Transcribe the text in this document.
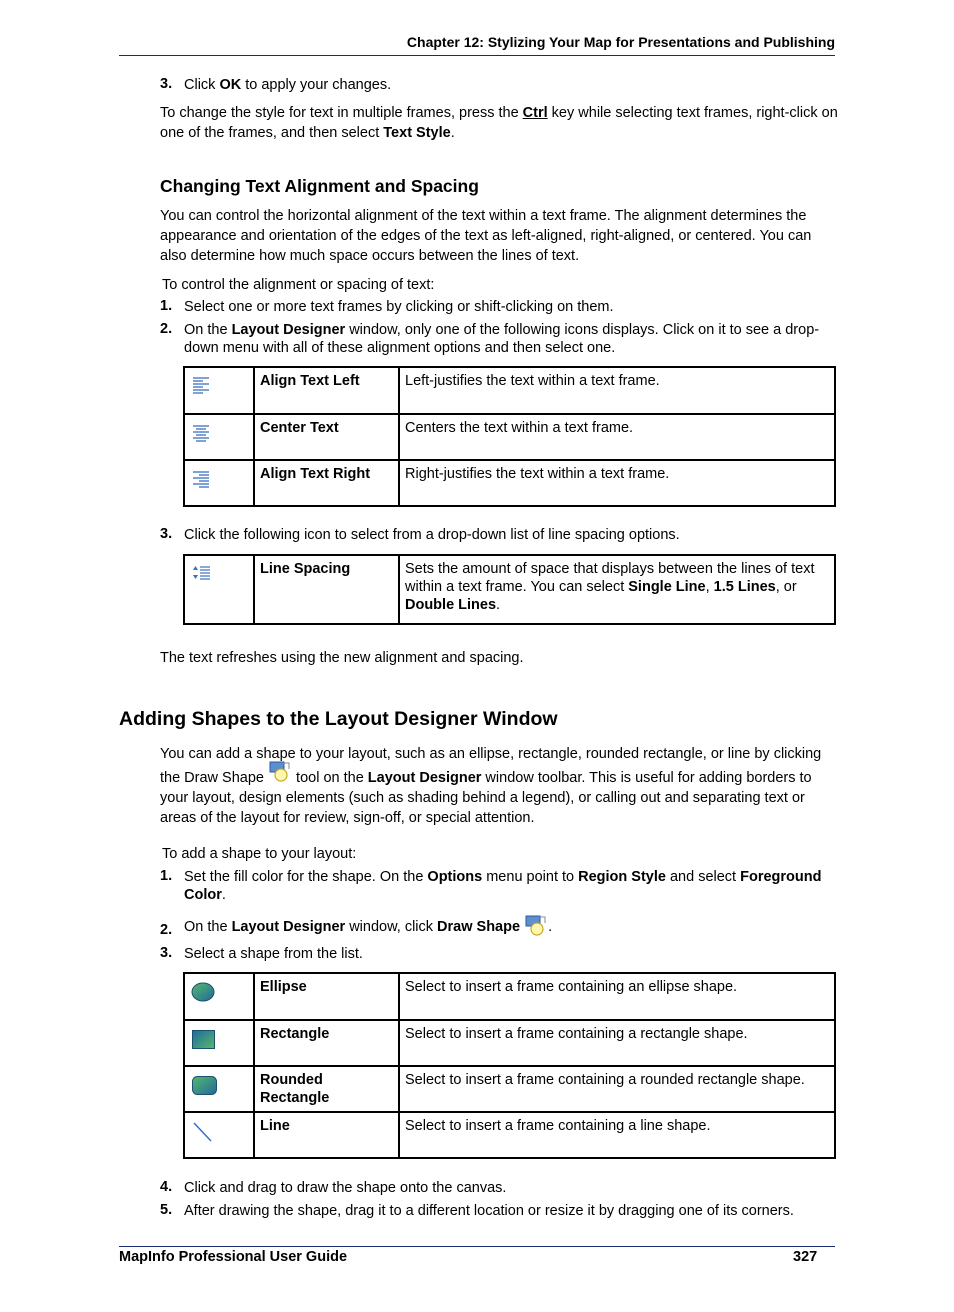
Chapter 12: Stylizing Your Map for Presentations and Publishing
3. Click OK to apply your changes.
To change the style for text in multiple frames, press the Ctrl key while selecting text frames, right-click on one of the frames, and then select Text Style.
Changing Text Alignment and Spacing
You can control the horizontal alignment of the text within a text frame. The alignment determines the appearance and orientation of the edges of the text as left-aligned, right-aligned, or centered. You can also determine how much space occurs between the lines of text.
To control the alignment or spacing of text:
1. Select one or more text frames by clicking or shift-clicking on them.
2. On the Layout Designer window, only one of the following icons displays. Click on it to see a drop-down menu with all of these alignment options and then select one.
	Align Text Left	Left-justifies the text within a text frame.

	Center Text	Centers the text within a text frame.

	Align Text Right	Right-justifies the text within a text frame.
3. Click the following icon to select from a drop-down list of line spacing options.
	Line Spacing	Sets the amount of space that displays between the lines of text within a text frame. You can select Single Line, 1.5 Lines, or Double Lines.
The text refreshes using the new alignment and spacing.
Adding Shapes to the Layout Designer Window
You can add a shape to your layout, such as an ellipse, rectangle, rounded rectangle, or line by clicking the Draw Shape
tool on the Layout Designer window toolbar. This is useful for adding borders to your layout, design elements (such as shading behind a legend), or calling out and separating text or areas of the layout for review, sign-off, or special attention.
To add a shape to your layout:
1. Set the fill color for the shape. On the Options menu point to Region Style and select Foreground Color.
2. On the Layout Designer window, click Draw Shape .
3. Select a shape from the list.
	Ellipse	Select to insert a frame containing an ellipse shape.

	Rectangle	Select to insert a frame containing a rectangle shape.

	Rounded Rectangle	Select to insert a frame containing a rounded rectangle shape.

	Line	Select to insert a frame containing a line shape.
4. Click and drag to draw the shape onto the canvas.
5. After drawing the shape, drag it to a different location or resize it by dragging one of its corners.
MapInfo Professional User Guide	327
